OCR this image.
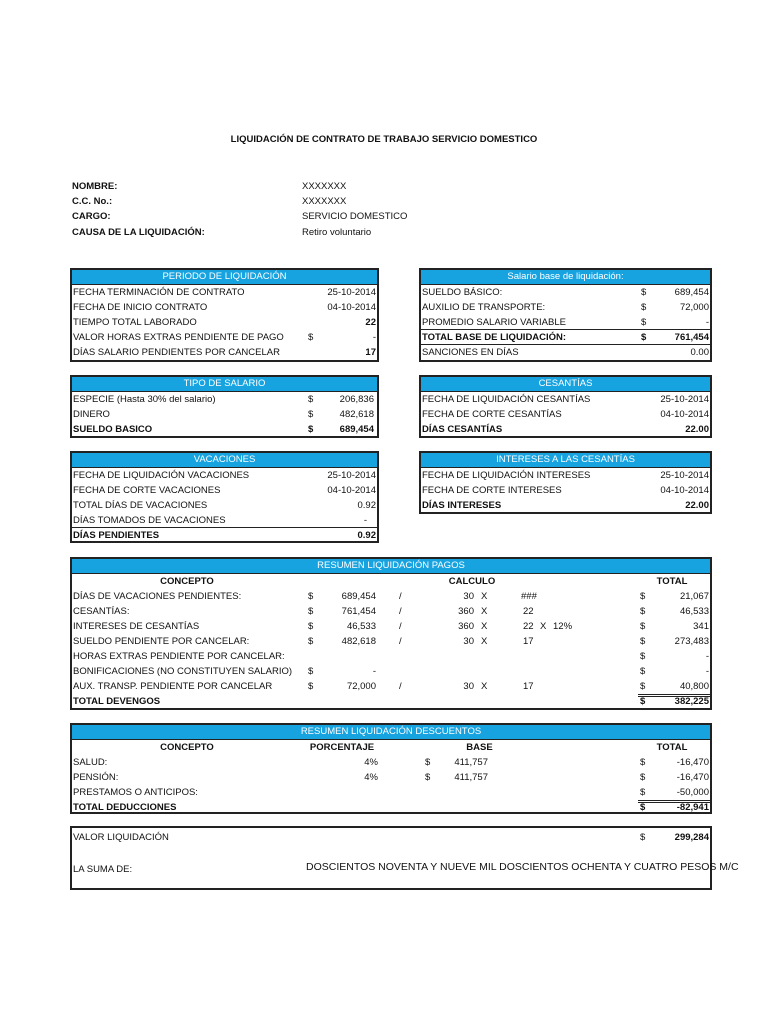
LIQUIDACIÓN DE CONTRATO DE TRABAJO SERVICIO DOMESTICO
NOMBRE:	XXXXXXX
C.C. No.:	XXXXXXX
CARGO:	SERVICIO DOMESTICO
CAUSA DE LA LIQUIDACIÓN:	Retiro voluntario
PERIODO DE LIQUIDACIÓN
FECHA TERMINACIÓN DE CONTRATO	25-10-2014
FECHA DE INICIO CONTRATO	04-10-2014
TIEMPO TOTAL LABORADO	22
VALOR HORAS EXTRAS PENDIENTE DE PAGO	$	-
DÍAS SALARIO PENDIENTES POR CANCELAR	17
Salario base de liquidación:
SUELDO BÁSICO:	$	689,454
AUXILIO DE TRANSPORTE:	$	72,000
PROMEDIO SALARIO VARIABLE	$	-
TOTAL BASE DE LIQUIDACIÓN:	$	761,454
SANCIONES EN DÍAS	0.00
TIPO DE SALARIO
ESPECIE (Hasta 30% del salario)	$	206,836
DINERO	$	482,618
SUELDO BASICO	$	689,454
CESANTÍAS
FECHA DE LIQUIDACIÓN CESANTÍAS	25-10-2014
FECHA DE CORTE CESANTÍAS	04-10-2014
DÍAS CESANTÍAS	22.00
VACACIONES
FECHA DE LIQUIDACIÓN VACACIONES	25-10-2014
FECHA DE CORTE VACACIONES	04-10-2014
TOTAL DÍAS DE VACACIONES	0.92
DÍAS TOMADOS DE VACACIONES	-
DÍAS PENDIENTES	0.92
INTERESES A LAS CESANTÍAS
FECHA DE LIQUIDACIÓN INTERESES	25-10-2014
FECHA DE CORTE INTERESES	04-10-2014
DÍAS INTERESES	22.00
RESUMEN LIQUIDACIÓN PAGOS
CONCEPTO	CALCULO	TOTAL
DÍAS DE VACACIONES PENDIENTES:	$	689,454 /	30 X	###	$	21,067
CESANTÍAS:	$	761,454 /	360 X	22	$	46,533
INTERESES DE CESANTÍAS	$	46,533 /	360 X	22 X 12%	$	341
SUELDO PENDIENTE POR CANCELAR:	$	482,618 /	30 X	17	$	273,483
HORAS EXTRAS PENDIENTE POR CANCELAR:	$	-
BONIFICACIONES (NO CONSTITUYEN SALARIO) $	-	$	-
AUX. TRANSP. PENDIENTE POR CANCELAR	$	72,000 /	30 X	17	$	40,800
TOTAL DEVENGOS	$	382,225
RESUMEN LIQUIDACIÓN DESCUENTOS
CONCEPTO	PORCENTAJE	BASE	TOTAL
SALUD:	4%	$	411,757	$	-16,470
PENSIÓN:	4%	$	411,757	$	-16,470
PRESTAMOS O ANTICIPOS:	$	-50,000
TOTAL DEDUCCIONES	$	-82,941
VALOR LIQUIDACIÓN	$	299,284
LA SUMA DE:	DOSCIENTOS NOVENTA Y NUEVE MIL DOSCIENTOS OCHENTA Y CUATRO PESOS M/C
